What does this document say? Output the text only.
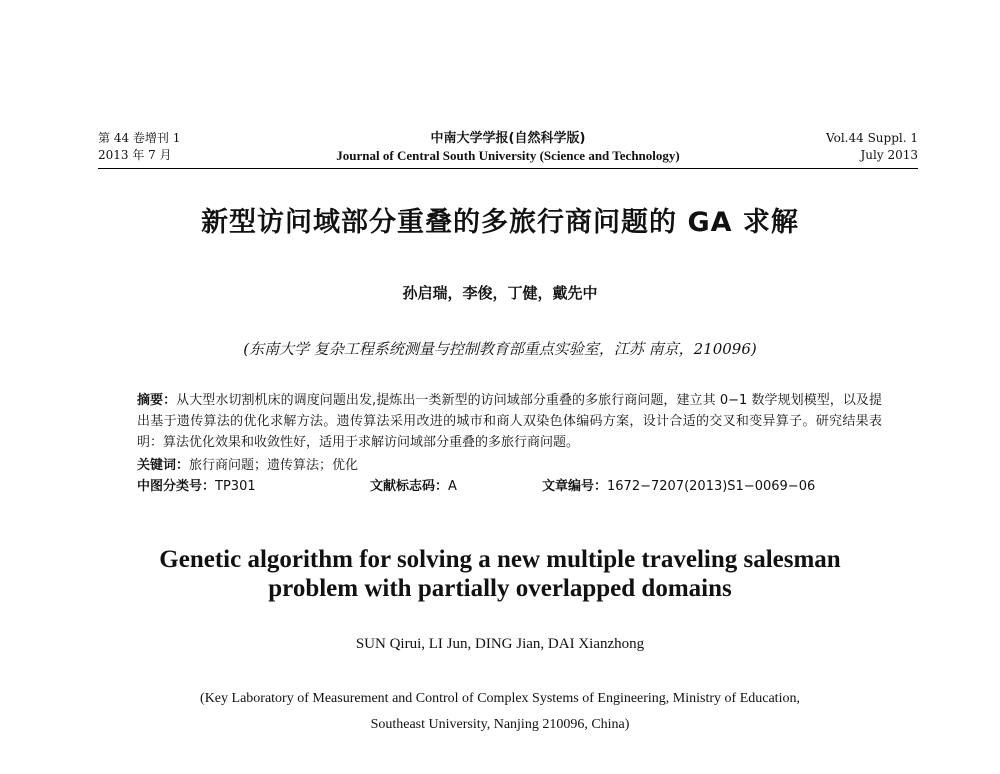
第 44 卷增刊 1	中南大学学报(自然科学版)	Vol.44 Suppl. 1
2013 年 7 月	Journal of Central South University (Science and Technology)	July 2013
新型访问域部分重叠的多旅行商问题的 GA 求解
孙启瑞，李俊，丁健，戴先中
(东南大学 复杂工程系统测量与控制教育部重点实验室，江苏 南京，210096)
摘要：从大型水切割机床的调度问题出发,提炼出一类新型的访问域部分重叠的多旅行商问题，建立其 0−1 数学规划模型，以及提出基于遗传算法的优化求解方法。遗传算法采用改进的城市和商人双染色体编码方案，设计合适的交叉和变异算子。研究结果表明：算法优化效果和收敛性好，适用于求解访问域部分重叠的多旅行商问题。
关键词：旅行商问题；遗传算法；优化
中图分类号：TP301	文献标志码：A	文章编号：1672−7207(2013)S1−0069−06
Genetic algorithm for solving a new multiple traveling salesman
problem with partially overlapped domains
SUN Qirui, LI Jun, DING Jian, DAI Xianzhong
(Key Laboratory of Measurement and Control of Complex Systems of Engineering, Ministry of Education,
Southeast University, Nanjing 210096, China)
